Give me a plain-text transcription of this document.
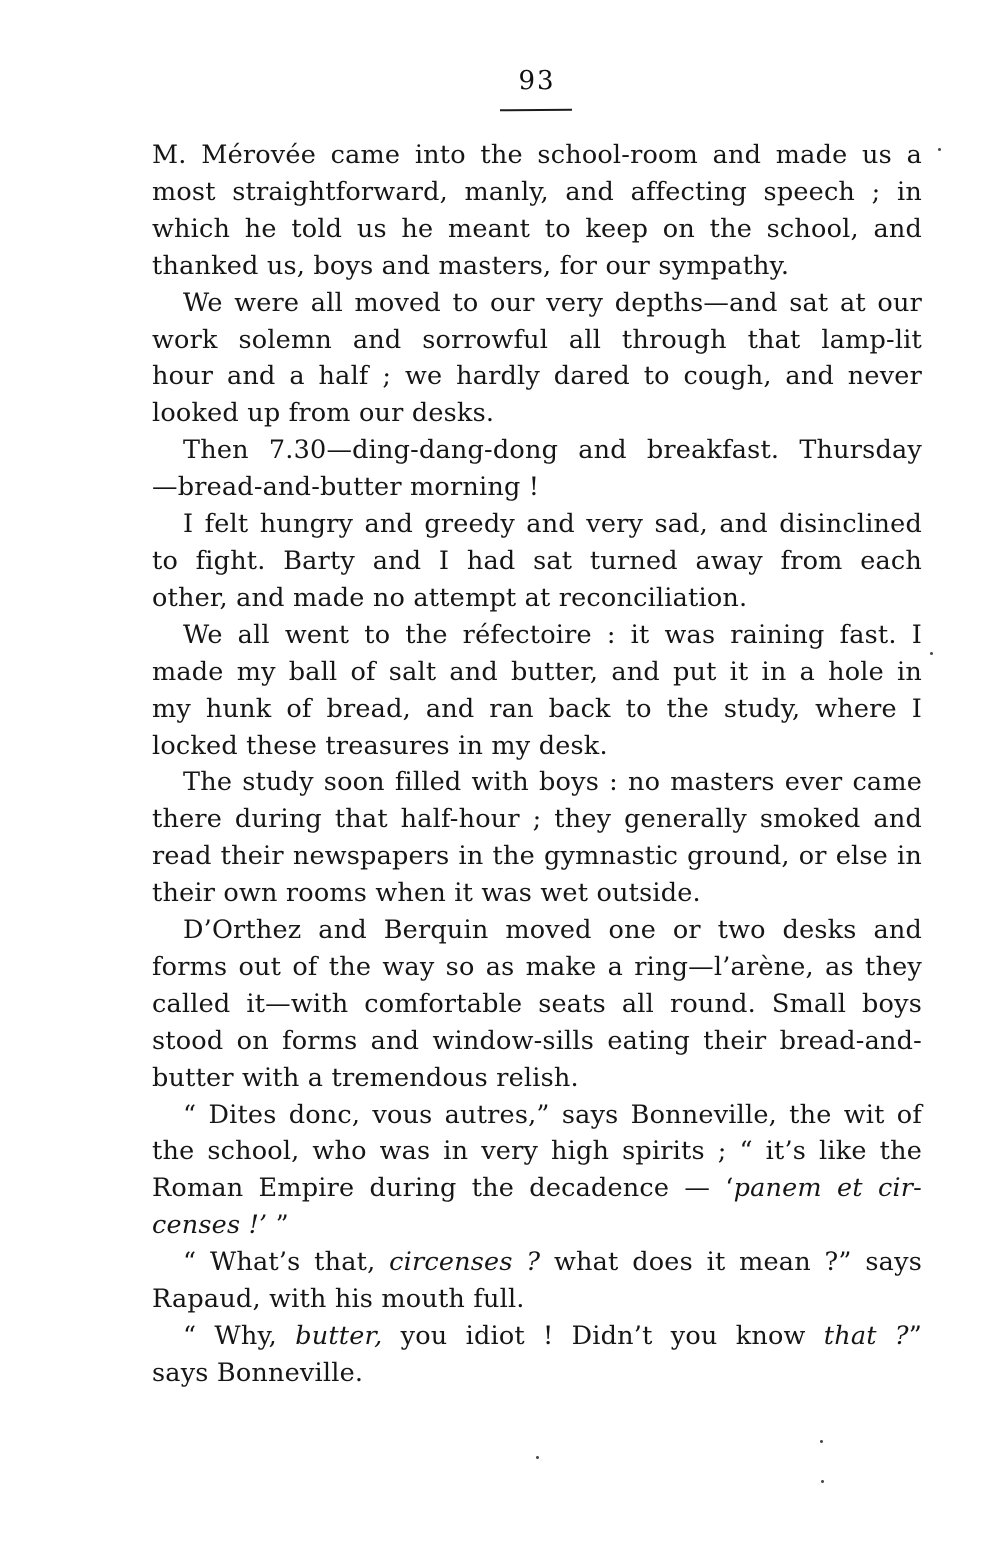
93
M. Mérovée came into the school-room and made us a
most straightforward, manly, and affecting speech ; in
which he told us he meant to keep on the school, and
thanked us, boys and masters, for our sympathy.
We were all moved to our very depths—and sat at our
work solemn and sorrowful all through that lamp-lit
hour and a half ; we hardly dared to cough, and never
looked up from our desks.
Then 7.30—ding-dang-dong and breakfast. Thursday
—bread-and-butter morning !
I felt hungry and greedy and very sad, and disinclined
to fight. Barty and I had sat turned away from each
other, and made no attempt at reconciliation.
We all went to the réfectoire : it was raining fast. I
made my ball of salt and butter, and put it in a hole in
my hunk of bread, and ran back to the study, where I
locked these treasures in my desk.
The study soon filled with boys : no masters ever came
there during that half-hour ; they generally smoked and
read their newspapers in the gymnastic ground, or else in
their own rooms when it was wet outside.
D’Orthez and Berquin moved one or two desks and
forms out of the way so as make a ring—l’arène, as they
called it—with comfortable seats all round. Small boys
stood on forms and window-sills eating their bread-and-
butter with a tremendous relish.
“ Dites donc, vous autres,” says Bonneville, the wit of
the school, who was in very high spirits ; “ it’s like the
Roman Empire during the decadence — ‘panem et cir-
censes !’ ”
“ What’s that, circenses ? what does it mean ?” says
Rapaud, with his mouth full.
“ Why, butter, you idiot ! Didn’t you know that ?”
says Bonneville.
